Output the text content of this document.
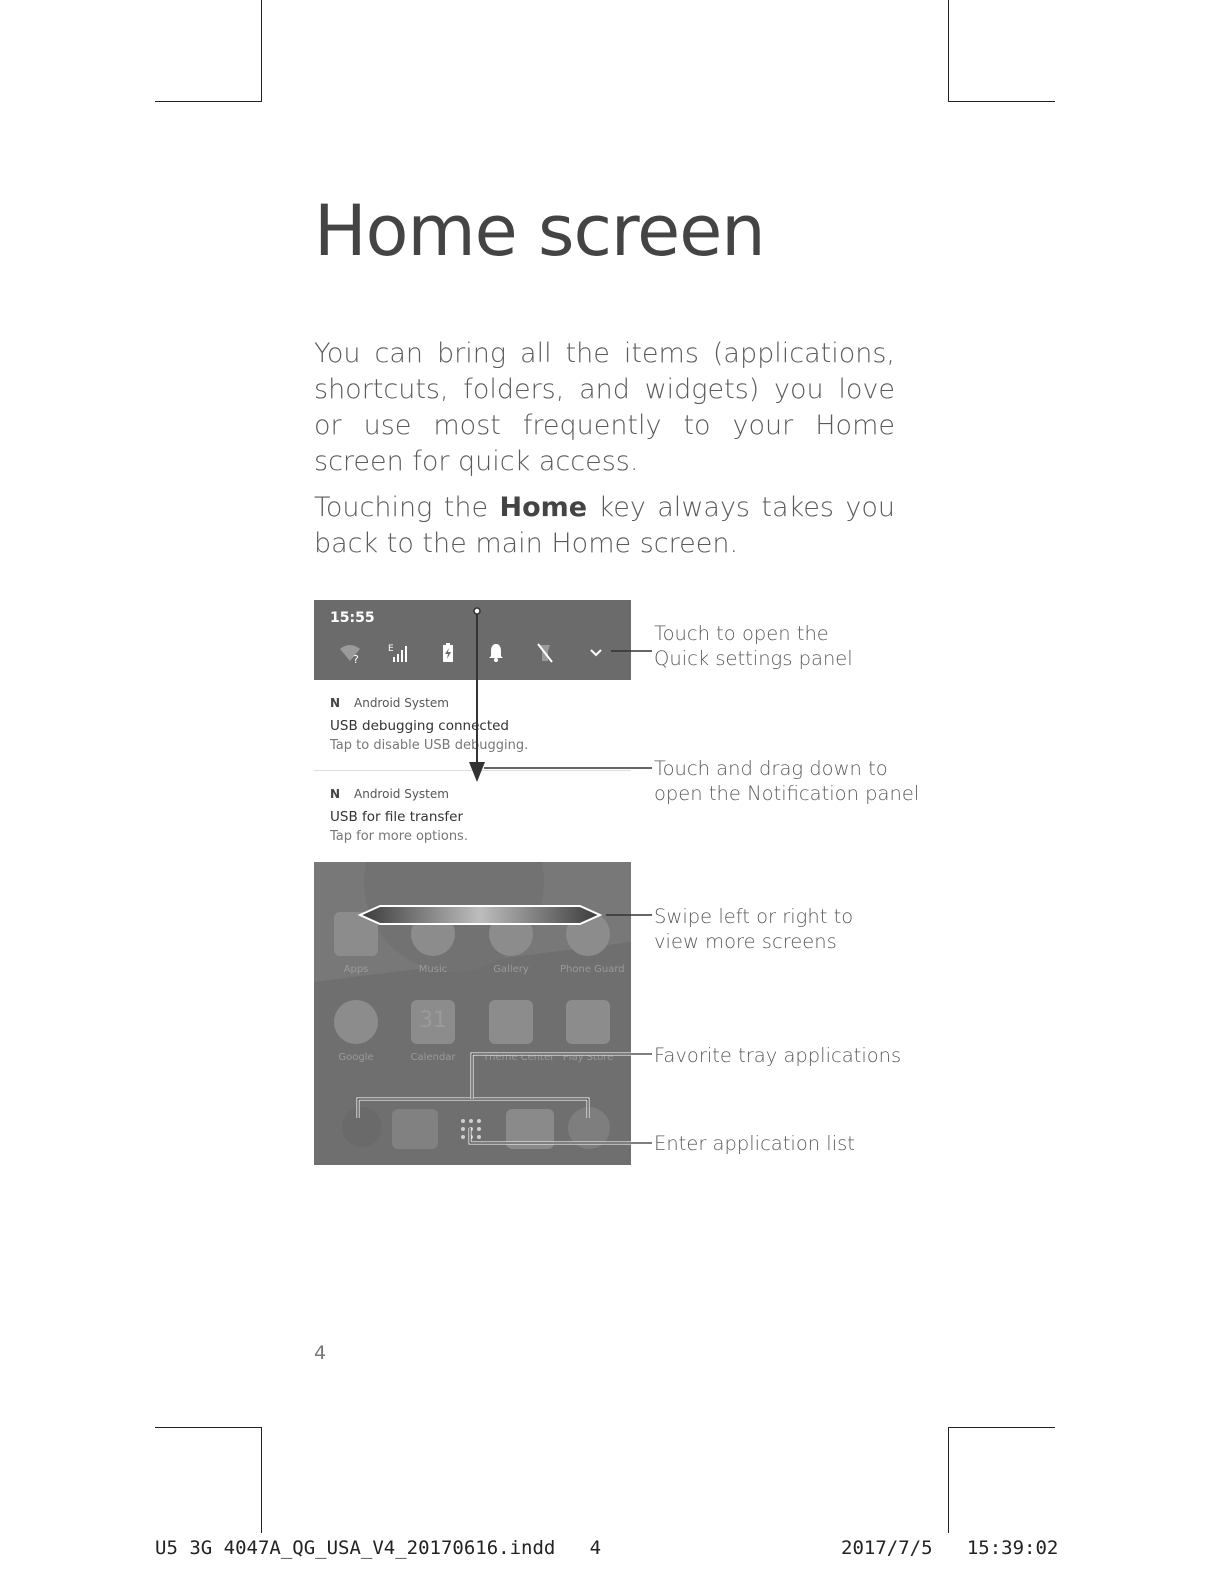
Home screen

You can bring all the items (applications, shortcuts, folders, and widgets) you love or use most frequently to your Home screen for quick access.

Touching the Home key always takes you back to the main Home screen.

15:55
?
E
N Android System
USB debugging connected
Tap to disable USB debugging.
N Android System
USB for file transfer
Tap for more options.
Apps	Music	Gallery	Phone Guard
Google
31
Calendar	Theme Center Play Store
Touch to open the
Quick settings panel
Touch and drag down to
open the Notification panel
Swipe left or right to
view more screens
Favorite tray applications
Enter application list
4
U5 3G 4047A_QG_USA_V4_20170616.indd   4	2017/7/5   15:39:02
